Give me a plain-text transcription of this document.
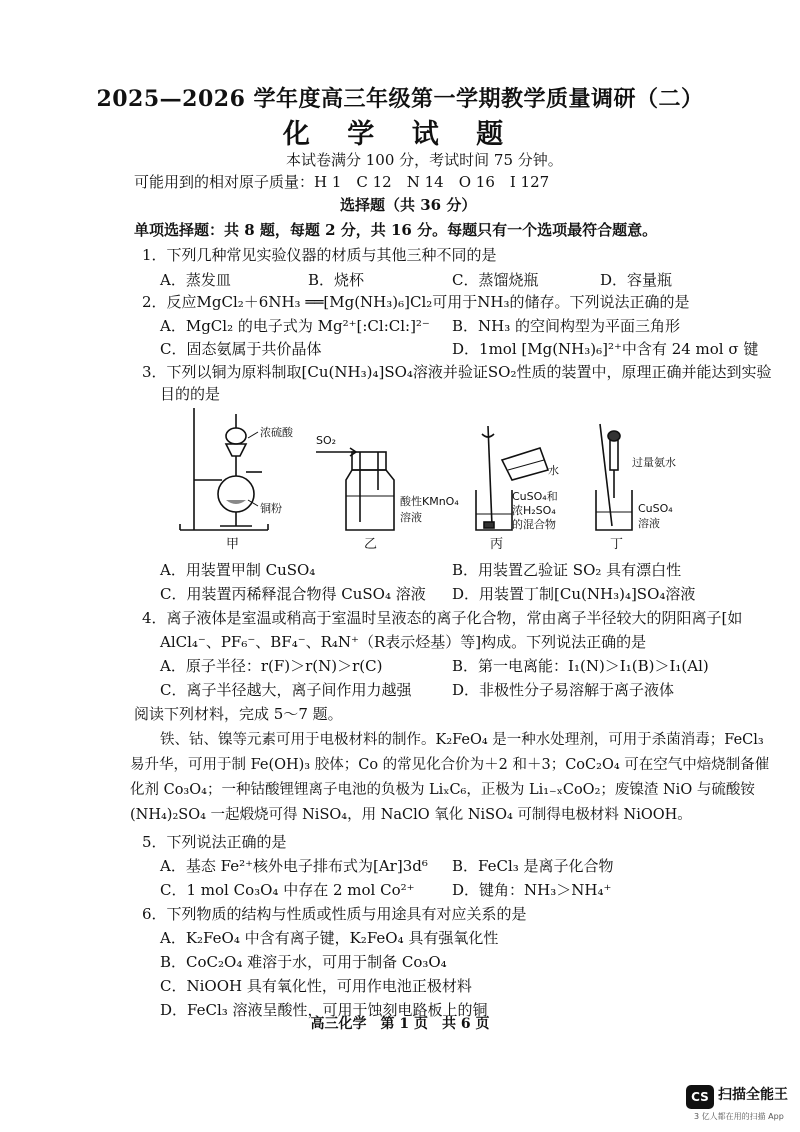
2025—2026 学年度高三年级第一学期教学质量调研（二）
化 学 试 题
本试卷满分 100 分，考试时间 75 分钟。
可能用到的相对原子质量：H 1　C 12　N 14　O 16　I 127
选择题（共 36 分）
单项选择题：共 8 题，每题 2 分，共 16 分。每题只有一个选项最符合题意。
1．下列几种常见实验仪器的材质与其他三种不同的是
A．蒸发皿	B．烧杯	C．蒸馏烧瓶	D．容量瓶
2．反应MgCl₂＋6NH₃ ══[Mg(NH₃)₆]Cl₂可用于NH₃的储存。下列说法正确的是
A．MgCl₂ 的电子式为 Mg²⁺[:Cl:Cl:]²⁻ B．NH₃ 的空间构型为平面三角形
C．固态氨属于共价晶体	D．1mol [Mg(NH₃)₆]²⁺中含有 24 mol σ 键
3．下列以铜为原料制取[Cu(NH₃)₄]SO₄溶液并验证SO₂性质的装置中，原理正确并能达到实验
目的的是
浓硫酸
铜粉
甲
SO₂
酸性KMnO₄
溶液
乙
水
CuSO₄和
浓H₂SO₄
的混合物
丙
过量氨水
CuSO₄
溶液
丁
A．用装置甲制 CuSO₄	B．用装置乙验证 SO₂ 具有漂白性
C．用装置丙稀释混合物得 CuSO₄ 溶液 D．用装置丁制[Cu(NH₃)₄]SO₄溶液
4．离子液体是室温或稍高于室温时呈液态的离子化合物，常由离子半径较大的阴阳离子[如
AlCl₄⁻、PF₆⁻、BF₄⁻、R₄N⁺（R表示烃基）等]构成。下列说法正确的是
A．原子半径：r(F)＞r(N)＞r(C)	B．第一电离能：I₁(N)＞I₁(B)＞I₁(Al)
C．离子半径越大，离子间作用力越强	D．非极性分子易溶解于离子液体
阅读下列材料，完成 5～7 题。
铁、钴、镍等元素可用于电极材料的制作。K₂FeO₄ 是一种水处理剂，可用于杀菌消毒；FeCl₃ 易升华，可用于制 Fe(OH)₃ 胶体；Co 的常见化合价为＋2 和＋3；CoC₂O₄ 可在空气中焙烧制备催化剂 Co₃O₄；一种钴酸锂锂离子电池的负极为 LiₓC₆，正极为 Li₁₋ₓCoO₂；废镍渣 NiO 与硫酸铵(NH₄)₂SO₄ 一起煅烧可得 NiSO₄，用 NaClO 氧化 NiSO₄ 可制得电极材料 NiOOH。
5．下列说法正确的是
A．基态 Fe²⁺核外电子排布式为[Ar]3d⁶ B．FeCl₃ 是离子化合物
C．1 mol Co₃O₄ 中存在 2 mol Co²⁺ D．键角：NH₃＞NH₄⁺
6．下列物质的结构与性质或性质与用途具有对应关系的是
A．K₂FeO₄ 中含有离子键，K₂FeO₄ 具有强氧化性
B．CoC₂O₄ 难溶于水，可用于制备 Co₃O₄
C．NiOOH 具有氧化性，可用作电池正极材料
D．FeCl₃ 溶液呈酸性，可用于蚀刻电路板上的铜
高三化学　第 1 页　共 6 页
CS 扫描全能王
3 亿人都在用的扫描 App
